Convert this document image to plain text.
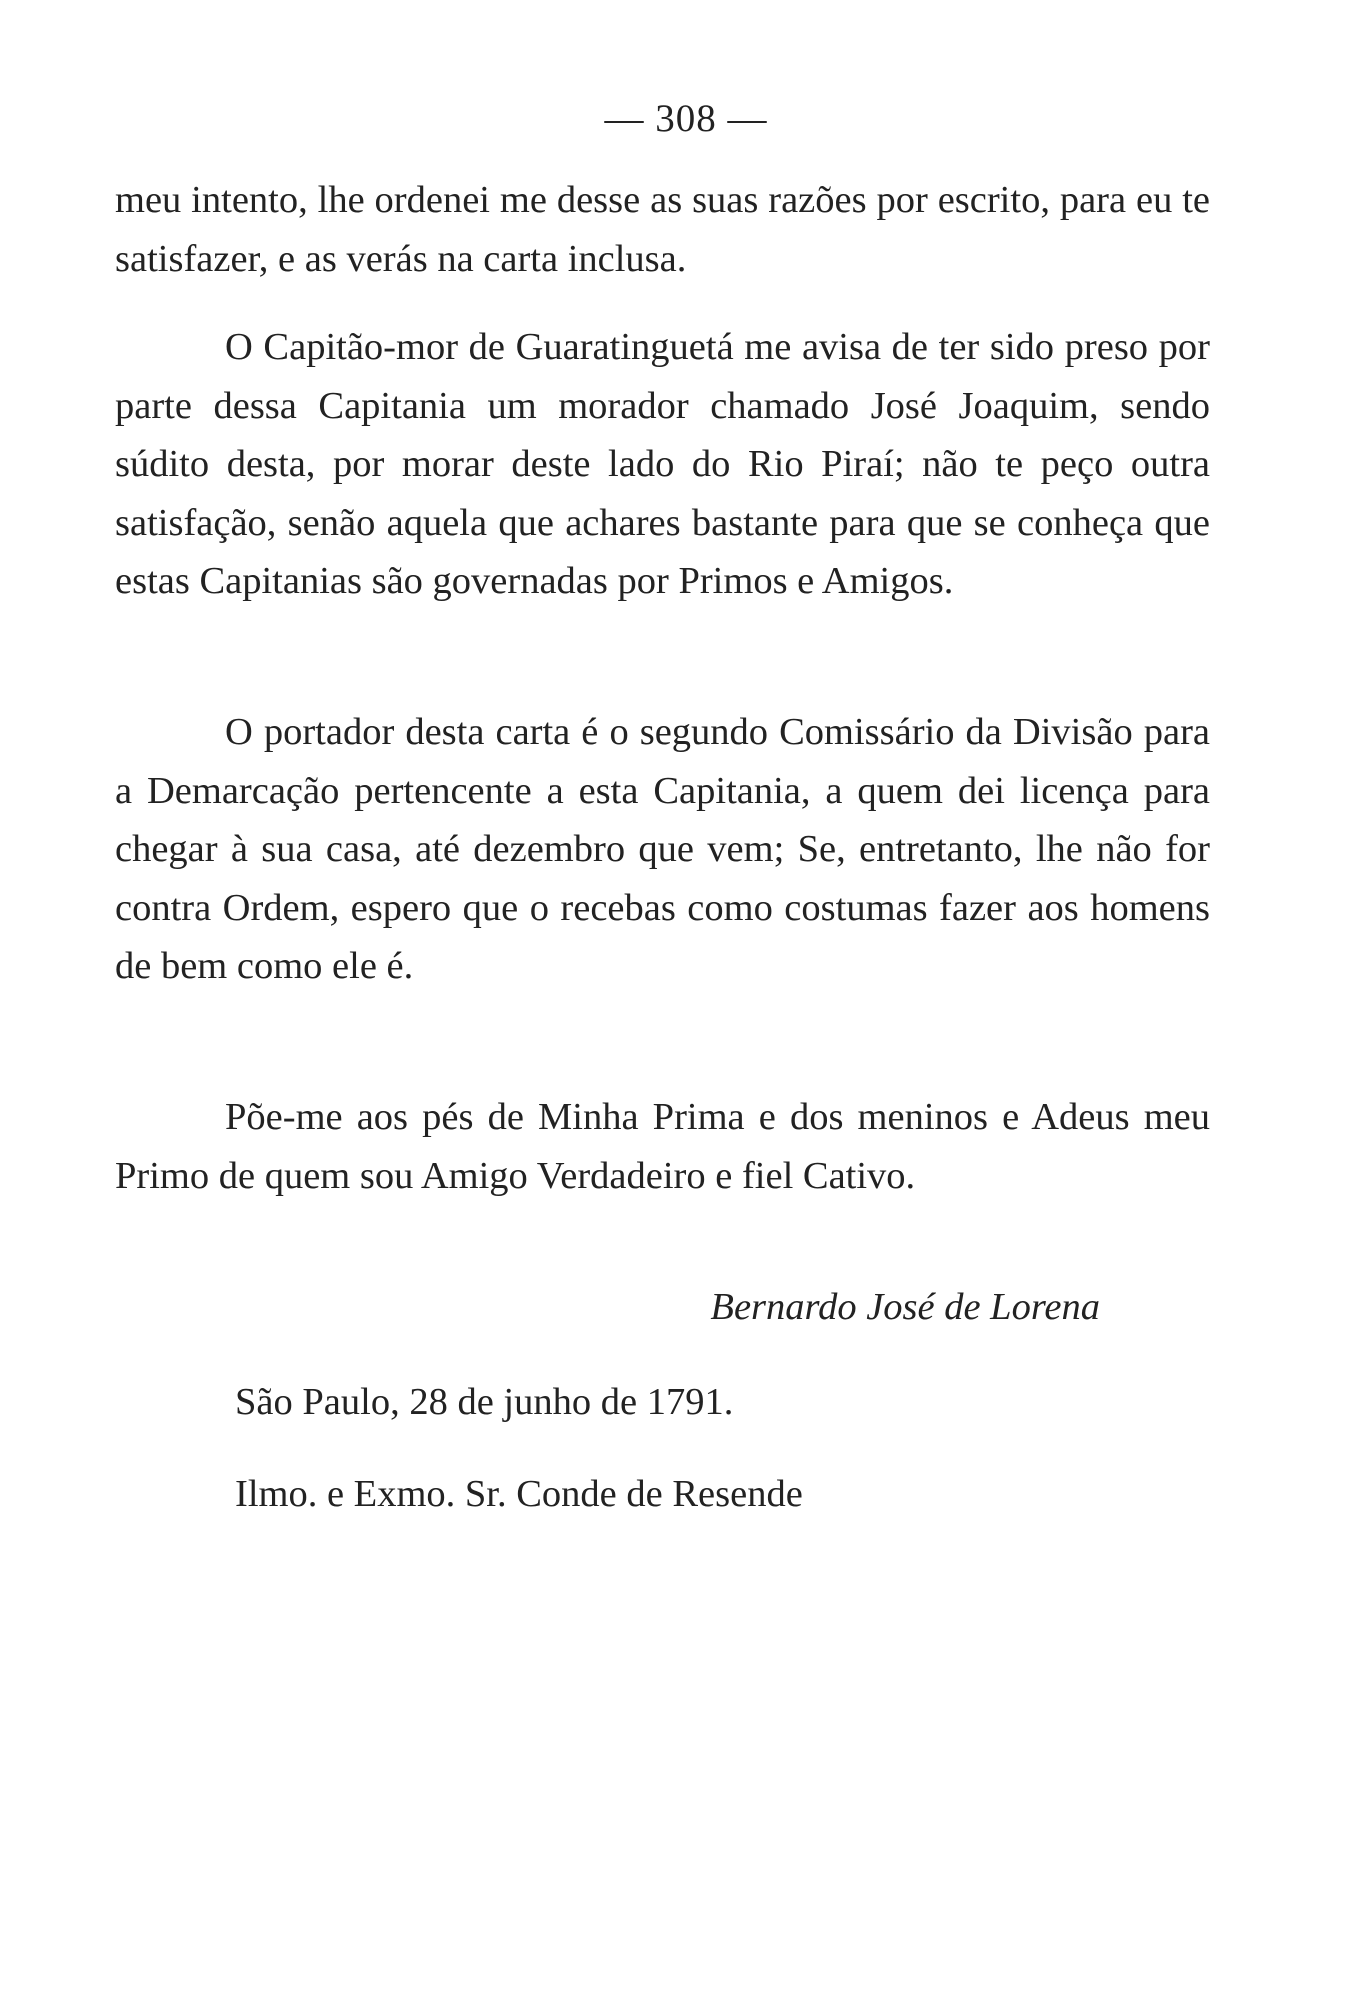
— 308 —

meu intento, lhe ordenei me desse as suas razões por escrito, para eu te satisfazer, e as verás na carta inclusa.

O Capitão-mor de Guaratinguetá me avisa de ter sido preso por parte dessa Capitania um morador chamado José Joaquim, sendo súdito desta, por morar deste lado do Rio Piraí; não te peço outra satisfação, senão aquela que achares bastante para que se conheça que estas Capitanias são governadas por Primos e Amigos.

O portador desta carta é o segundo Comissário da Divisão para a Demarcação pertencente a esta Capitania, a quem dei licença para chegar à sua casa, até dezembro que vem; Se, entretanto, lhe não for contra Ordem, espero que o recebas como costumas fazer aos homens de bem como ele é.

Põe-me aos pés de Minha Prima e dos meninos e Adeus meu Primo de quem sou Amigo Verdadeiro e fiel Cativo.

Bernardo José de Lorena

São Paulo, 28 de junho de 1791.

Ilmo. e Exmo. Sr. Conde de Resende
